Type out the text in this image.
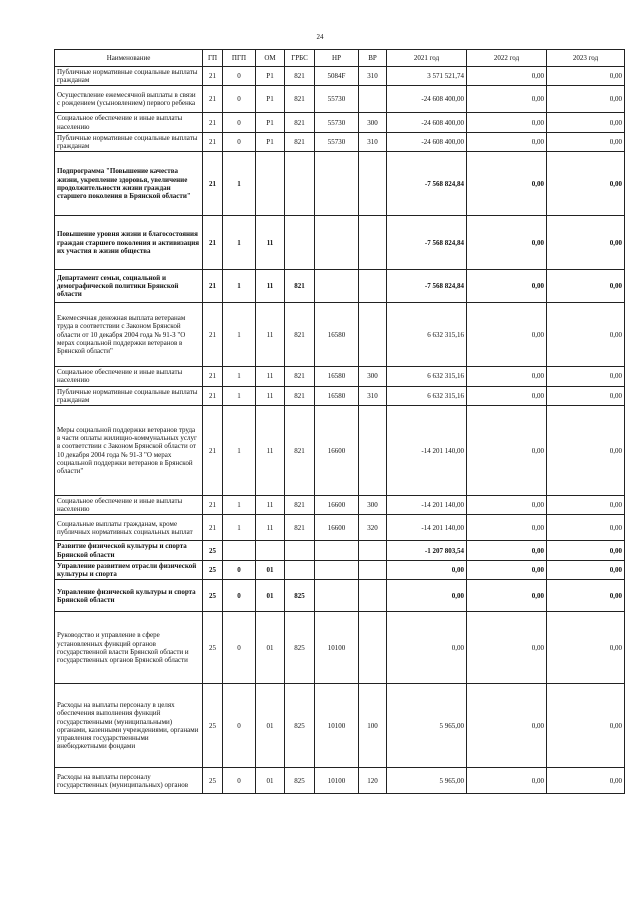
24
Наименование	ГП	ПГП	ОМ	ГРБС	НР	ВР	2021 год	2022 год	2023 год
Публичные нормативные социальные выплаты гражданам	21	0	P1	821	5084F	310	3 571 521,74	0,00	0,00
Осуществление ежемесячной выплаты в связи с рождением (усыновлением) первого ребенка	21	0	P1	821	55730		-24 608 400,00	0,00	0,00
Социальное обеспечение и иные выплаты населению	21	0	P1	821	55730	300	-24 608 400,00	0,00	0,00
Публичные нормативные социальные выплаты гражданам	21	0	P1	821	55730	310	-24 608 400,00	0,00	0,00
Подпрограмма "Повышение качества жизни, укрепление здоровья, увеличение продолжительности жизни граждан старшего поколения в Брянской области"	21	1					-7 568 824,84	0,00	0,00
Повышение уровня жизни и благосостояния граждан старшего поколения и активизация их участия в жизни общества	21	1	11				-7 568 824,84	0,00	0,00
Департамент семьи, социальной и демографической политики Брянской области	21	1	11	821			-7 568 824,84	0,00	0,00
Ежемесячная денежная выплата ветеранам труда в соответствии с Законом Брянской области от 10 декабря 2004 года № 91-З "О мерах социальной поддержки ветеранов в Брянской области"	21	1	11	821	16580		6 632 315,16	0,00	0,00
Социальное обеспечение и иные выплаты населению	21	1	11	821	16580	300	6 632 315,16	0,00	0,00
Публичные нормативные социальные выплаты гражданам	21	1	11	821	16580	310	6 632 315,16	0,00	0,00
Меры социальной поддержки ветеранов труда в части оплаты жилищно-коммунальных услуг в соответствии с Законом Брянской области от 10 декабря 2004 года № 91-З "О мерах социальной поддержки ветеранов в Брянской области"	21	1	11	821	16600		-14 201 140,00	0,00	0,00
Социальное обеспечение и иные выплаты населению	21	1	11	821	16600	300	-14 201 140,00	0,00	0,00
Социальные выплаты гражданам, кроме публичных нормативных социальных выплат	21	1	11	821	16600	320	-14 201 140,00	0,00	0,00
Развитие физической культуры и спорта Брянской области	25						-1 207 803,54	0,00	0,00
Управление развитием отрасли физической культуры и спорта	25	0	01				0,00	0,00	0,00
Управление физической культуры и спорта Брянской области	25	0	01	825			0,00	0,00	0,00
Руководство и управление в сфере установленных функций органов государственной власти Брянской области и государственных органов Брянской области	25	0	01	825	10100		0,00	0,00	0,00
Расходы на выплаты персоналу в целях обеспечения выполнения функций государственными (муниципальными) органами, казенными учреждениями, органами управления государственными внебюджетными фондами	25	0	01	825	10100	100	5 965,00	0,00	0,00
Расходы на выплаты персоналу государственных (муниципальных) органов	25	0	01	825	10100	120	5 965,00	0,00	0,00
